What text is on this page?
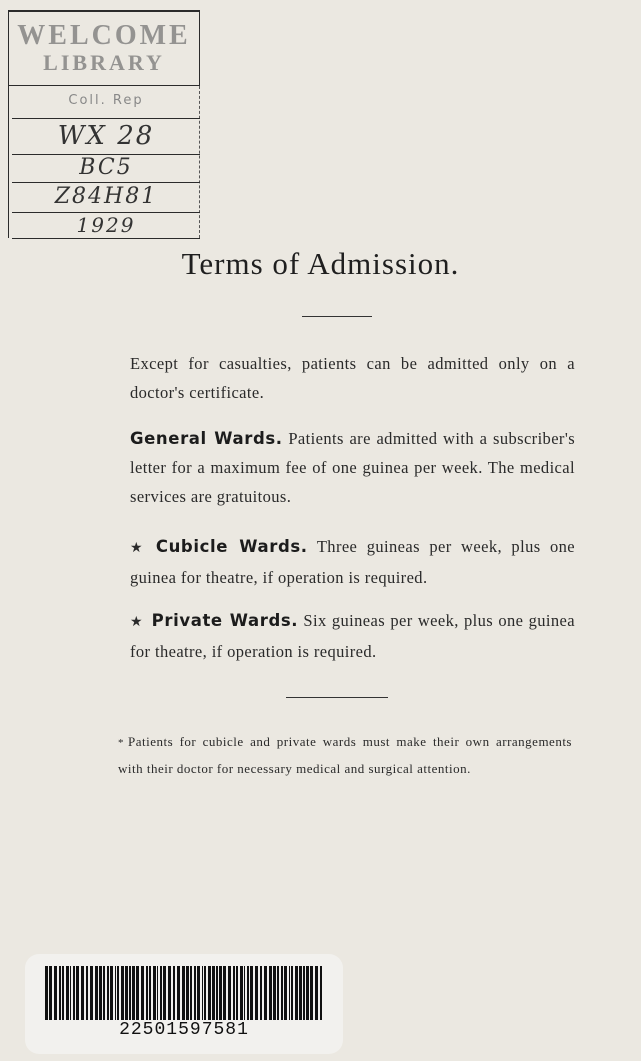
WELCOME
LIBRARY
Coll. Rep
WX 28
BC5
Z84H81
1929
Terms of Admission.
Except for casualties, patients can be admitted only on a doctor's certificate.
General Wards. Patients are admitted with a subscriber's letter for a maximum fee of one guinea per week. The medical services are gratuitous.
★ Cubicle Wards. Three guineas per week, plus one guinea for theatre, if operation is required.
★ Private Wards. Six guineas per week, plus one guinea for theatre, if operation is required.
* Patients for cubicle and private wards must make their own arrangements with their doctor for necessary medical and surgical attention.
22501597581
